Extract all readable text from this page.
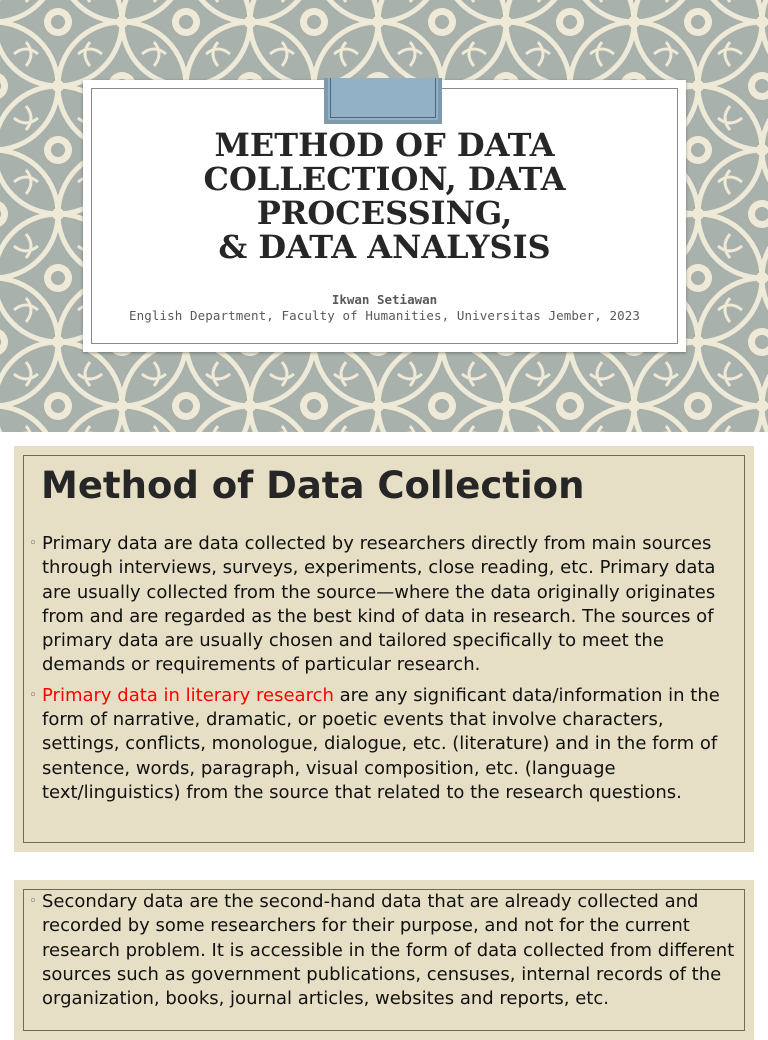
METHOD OF DATA
COLLECTION, DATA
PROCESSING,
& DATA ANALYSIS

Ikwan Setiawan

English Department, Faculty of Humanities, Universitas Jember, 2023

Method of Data Collection
◦ Primary data are data collected by researchers directly from main sources through interviews, surveys, experiments, close reading, etc. Primary data are usually collected from the source—where the data originally originates from and are regarded as the best kind of data in research. The sources of primary data are usually chosen and tailored specifically to meet the demands or requirements of particular research.
◦ Primary data in literary research are any significant data/information in the form of narrative, dramatic, or poetic events that involve characters, settings, conflicts, monologue, dialogue, etc. (literature) and in the form of sentence, words, paragraph, visual composition, etc. (language text/linguistics) from the source that related to the research questions.
◦ Secondary data are the second-hand data that are already collected and recorded by some researchers for their purpose, and not for the current research problem. It is accessible in the form of data collected from different sources such as government publications, censuses, internal records of the organization, books, journal articles, websites and reports, etc.
